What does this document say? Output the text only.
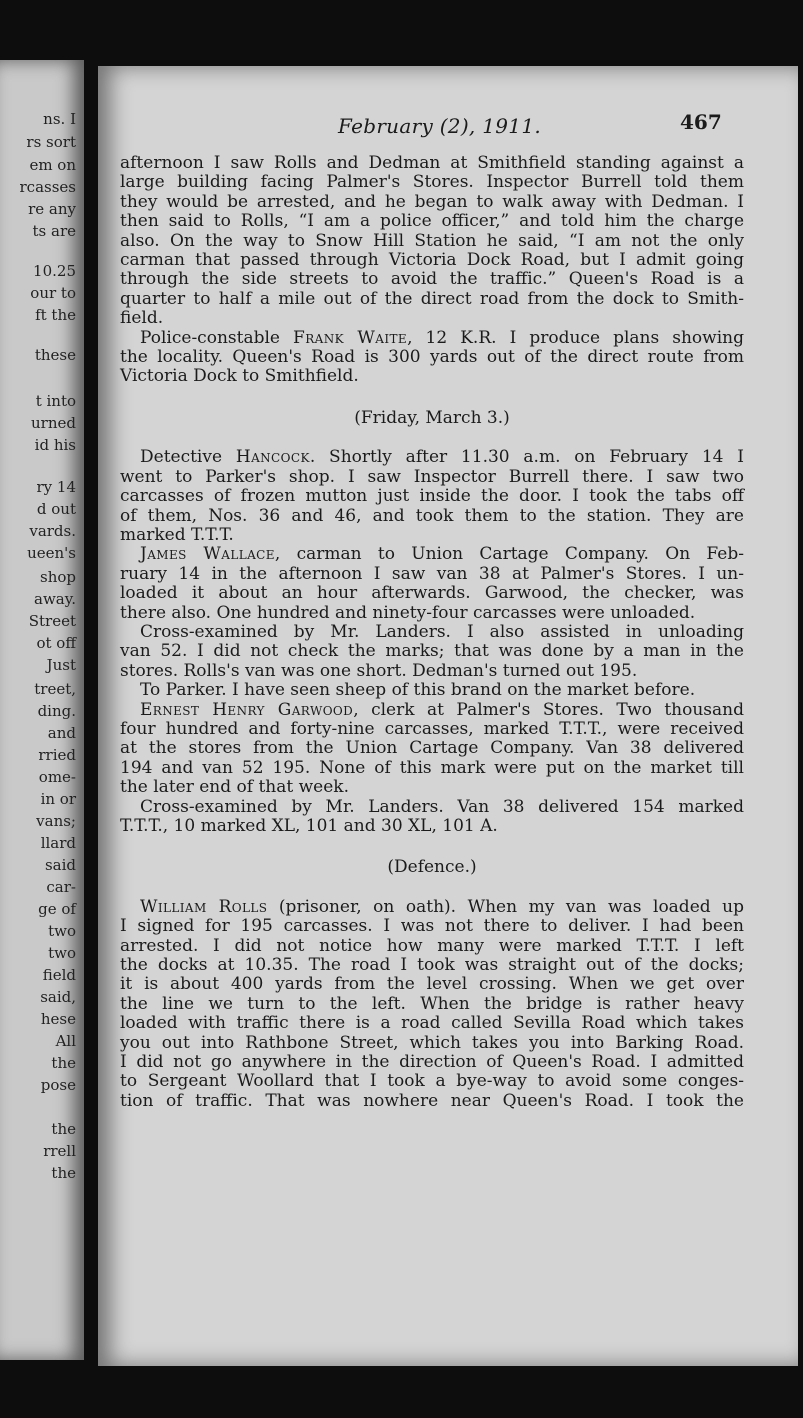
ns. I
rs sort
em on
rcasses
re any
ts are
10.25
our to
ft the
these
t into
urned
id his
ry 14
d out
vards.
ueen's
shop
away.
Street
ot off
Just
treet,
ding.
and
rried
ome-
in or
vans;
llard
said
car-
ge of
two
two
field
said,
hese
All
the
pose
the
rrell
the
February (2), 1911.	467

afternoon I saw Rolls and Dedman at Smithfield standing against a
large building facing Palmer's Stores. Inspector Burrell told them
they would be arrested, and he began to walk away with Dedman. I
then said to Rolls, “I am a police officer,” and told him the charge
also. On the way to Snow Hill Station he said, “I am not the only
carman that passed through Victoria Dock Road, but I admit going
through the side streets to avoid the traffic.” Queen's Road is a
quarter to half a mile out of the direct road from the dock to Smith-
field.

Police-constable Frank Waite, 12 K.R. I produce plans showing
the locality. Queen's Road is 300 yards out of the direct route from
Victoria Dock to Smithfield.

(Friday, March 3.)

Detective Hancock. Shortly after 11.30 a.m. on February 14 I
went to Parker's shop. I saw Inspector Burrell there. I saw two
carcasses of frozen mutton just inside the door. I took the tabs off
of them, Nos. 36 and 46, and took them to the station. They are
marked T.T.T.

James Wallace, carman to Union Cartage Company. On Feb-
ruary 14 in the afternoon I saw van 38 at Palmer's Stores. I un-
loaded it about an hour afterwards. Garwood, the checker, was
there also. One hundred and ninety-four carcasses were unloaded.

Cross-examined by Mr. Landers. I also assisted in unloading
van 52. I did not check the marks; that was done by a man in the
stores. Rolls's van was one short. Dedman's turned out 195.

To Parker. I have seen sheep of this brand on the market before.

Ernest Henry Garwood, clerk at Palmer's Stores. Two thousand
four hundred and forty-nine carcasses, marked T.T.T., were received
at the stores from the Union Cartage Company. Van 38 delivered
194 and van 52 195. None of this mark were put on the market till
the later end of that week.

Cross-examined by Mr. Landers. Van 38 delivered 154 marked
T.T.T., 10 marked XL, 101 and 30 XL, 101 A.

(Defence.)

William Rolls (prisoner, on oath). When my van was loaded up
I signed for 195 carcasses. I was not there to deliver. I had been
arrested. I did not notice how many were marked T.T.T. I left
the docks at 10.35. The road I took was straight out of the docks;
it is about 400 yards from the level crossing. When we get over
the line we turn to the left. When the bridge is rather heavy
loaded with traffic there is a road called Sevilla Road which takes
you out into Rathbone Street, which takes you into Barking Road.
I did not go anywhere in the direction of Queen's Road. I admitted
to Sergeant Woollard that I took a bye-way to avoid some conges-
tion of traffic. That was nowhere near Queen's Road. I took the
